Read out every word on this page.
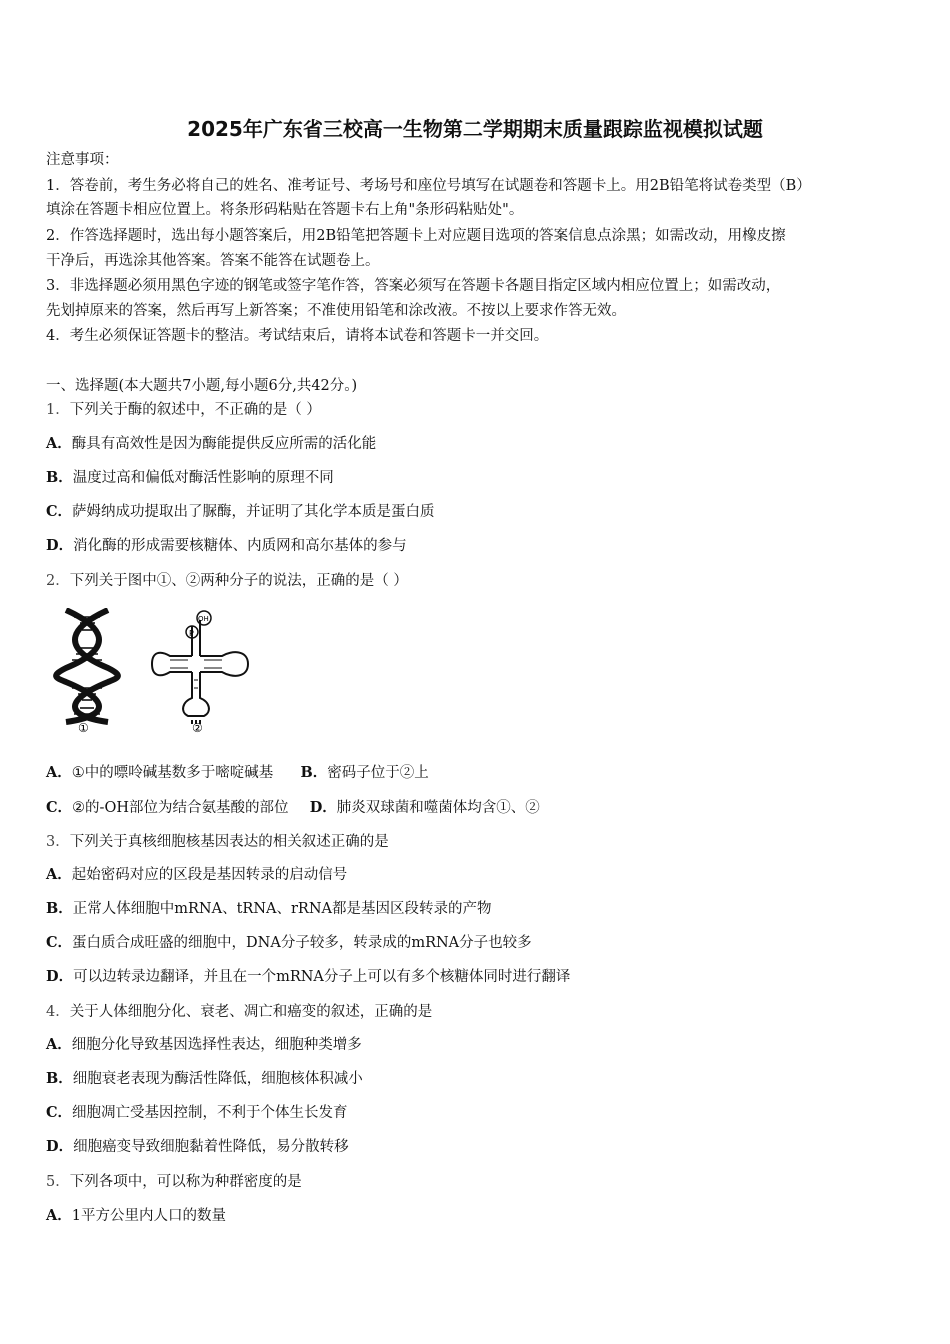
2025年广东省三校高一生物第二学期期末质量跟踪监视模拟试题
注意事项：
1．答卷前，考生务必将自己的姓名、准考证号、考场号和座位号填写在试题卷和答题卡上。用2B铅笔将试卷类型（B）
填涂在答题卡相应位置上。将条形码粘贴在答题卡右上角"条形码粘贴处"。
2．作答选择题时，选出每小题答案后，用2B铅笔把答题卡上对应题目选项的答案信息点涂黑；如需改动，用橡皮擦
干净后，再选涂其他答案。答案不能答在试题卷上。
3．非选择题必须用黑色字迹的钢笔或签字笔作答，答案必须写在答题卡各题目指定区域内相应位置上；如需改动，
先划掉原来的答案，然后再写上新答案；不准使用铅笔和涂改液。不按以上要求作答无效。
4．考生必须保证答题卡的整洁。考试结束后，请将本试卷和答题卡一并交回。
一、选择题(本大题共7小题,每小题6分,共42分。)
1．下列关于酶的叙述中，不正确的是（ ）
A．酶具有高效性是因为酶能提供反应所需的活化能
B．温度过高和偏低对酶活性影响的原理不同
C．萨姆纳成功提取出了脲酶，并证明了其化学本质是蛋白质
D．消化酶的形成需要核糖体、内质网和高尔基体的参与
2．下列关于图中①、②两种分子的说法，正确的是（ ）
①
P
OH
②
A．①中的嘌呤碱基数多于嘧啶碱基 B．密码子位于②上
C．②的-OH部位为结合氨基酸的部位 D．肺炎双球菌和噬菌体均含①、②
3．下列关于真核细胞核基因表达的相关叙述正确的是
A．起始密码对应的区段是基因转录的启动信号
B．正常人体细胞中mRNA、tRNA、rRNA都是基因区段转录的产物
C．蛋白质合成旺盛的细胞中，DNA分子较多，转录成的mRNA分子也较多
D．可以边转录边翻译，并且在一个mRNA分子上可以有多个核糖体同时进行翻译
4．关于人体细胞分化、衰老、凋亡和癌变的叙述，正确的是
A．细胞分化导致基因选择性表达，细胞种类增多
B．细胞衰老表现为酶活性降低，细胞核体积减小
C．细胞凋亡受基因控制，不利于个体生长发育
D．细胞癌变导致细胞黏着性降低，易分散转移
5．下列各项中，可以称为种群密度的是
A．1平方公里内人口的数量
